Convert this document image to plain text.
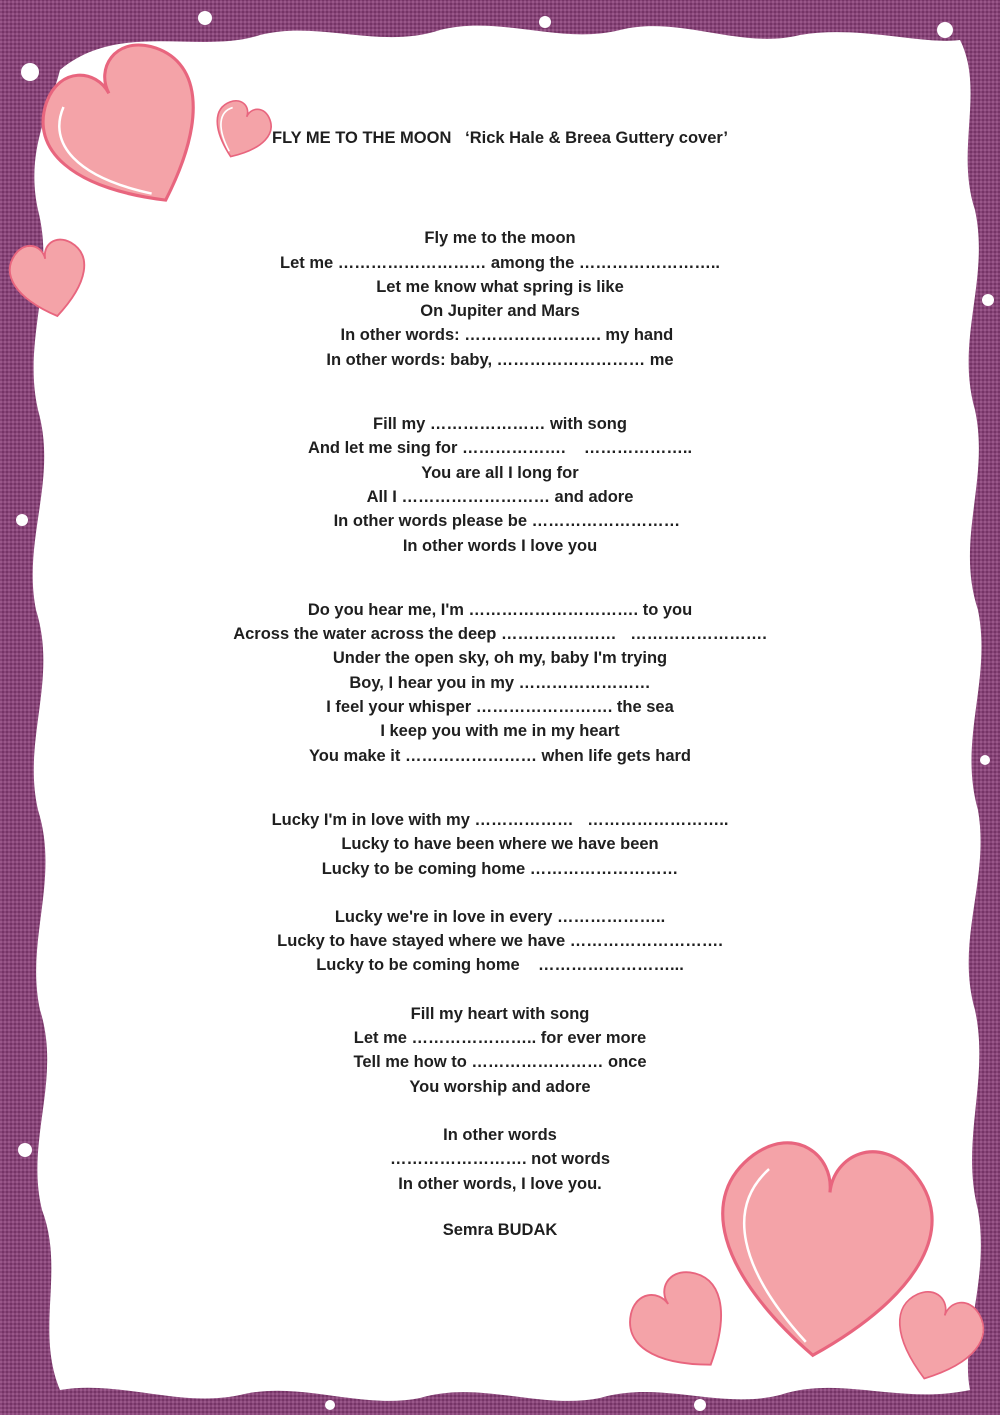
FLY ME TO THE MOON   ‘Rick Hale & Breea Guttery cover’
Fly me to the moon
Let me ……………………… among the ……………………..
Let me know what spring is like
On Jupiter and Mars
In other words: ……………………. my hand
In other words: baby, ……………………… me
Fill my ………………… with song
And let me sing for ……………….    ………………..
You are all I long for
All I ……………………… and adore
In other words please be ………………………
In other words I love you
Do you hear me, I'm …………………………. to you
Across the water across the deep …………………   …………………….
Under the open sky, oh my, baby I'm trying
Boy, I hear you in my ……………………
I feel your whisper ……………………. the sea
I keep you with me in my heart
You make it …………………… when life gets hard
Lucky I'm in love with my ………………   ……………………..
Lucky to have been where we have been
Lucky to be coming home ………………………
Lucky we're in love in every ………………..
Lucky to have stayed where we have ……………………….
Lucky to be coming home    ……………………...
Fill my heart with song
Let me ………………….. for ever more
Tell me how to …………………… once
You worship and adore
In other words
……………………. not words
In other words, I love you.
Semra BUDAK
